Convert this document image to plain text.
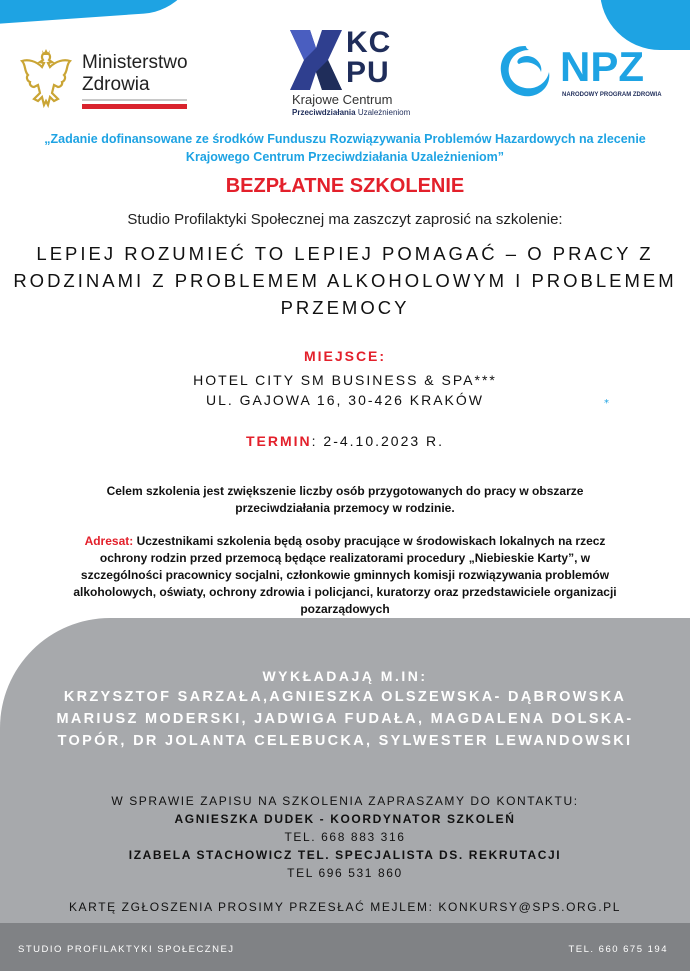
Ministerstwo
Zdrowia
KC
PU
Krajowe Centrum
Przeciwdziałania Uzależnieniom
NPZ
NARODOWY PROGRAM ZDROWIA
„Zadanie dofinansowane ze środków Funduszu Rozwiązywania Problemów Hazardowych na zlecenie
Krajowego Centrum Przeciwdziałania Uzależnieniom”
BEZPŁATNE SZKOLENIE
Studio Profilaktyki Społecznej ma zaszczyt zaprosić na szkolenie:
LEPIEJ ROZUMIEĆ TO LEPIEJ POMAGAĆ – O PRACY Z
RODZINAMI Z PROBLEMEM ALKOHOLOWYM I PROBLEMEM
PRZEMOCY
MIEJSCE:
HOTEL CITY SM BUSINESS & SPA***
UL. GAJOWA 16, 30-426 KRAKÓW	*
TERMIN: 2-4.10.2023 R.
Celem szkolenia jest zwiększenie liczby osób przygotowanych do pracy w obszarze
przeciwdziałania przemocy w rodzinie.
Adresat: Uczestnikami szkolenia będą osoby pracujące w środowiskach lokalnych na rzecz
ochrony rodzin przed przemocą będące realizatorami procedury „Niebieskie Karty”, w
szczególności pracownicy socjalni, członkowie gminnych komisji rozwiązywania problemów
alkoholowych, oświaty, ochrony zdrowia i policjanci, kuratorzy oraz przedstawiciele organizacji
pozarządowych
WYKŁADAJĄ M.IN:
KRZYSZTOF SARZAŁA,AGNIESZKA OLSZEWSKA- DĄBROWSKA
MARIUSZ MODERSKI, JADWIGA FUDAŁA, MAGDALENA DOLSKA-
TOPÓR, DR JOLANTA CELEBUCKA, SYLWESTER LEWANDOWSKI
W SPRAWIE ZAPISU NA SZKOLENIA ZAPRASZAMY DO KONTAKTU:
AGNIESZKA DUDEK - KOORDYNATOR SZKOLEŃ
TEL. 668 883 316
IZABELA STACHOWICZ TEL. SPECJALISTA DS. REKRUTACJI
TEL 696 531 860
KARTĘ ZGŁOSZENIA PROSIMY PRZESŁAĆ MEJLEM: KONKURSY@SPS.ORG.PL
STUDIO PROFILAKTYKI SPOŁECZNEJ	TEL. 660 675 194
